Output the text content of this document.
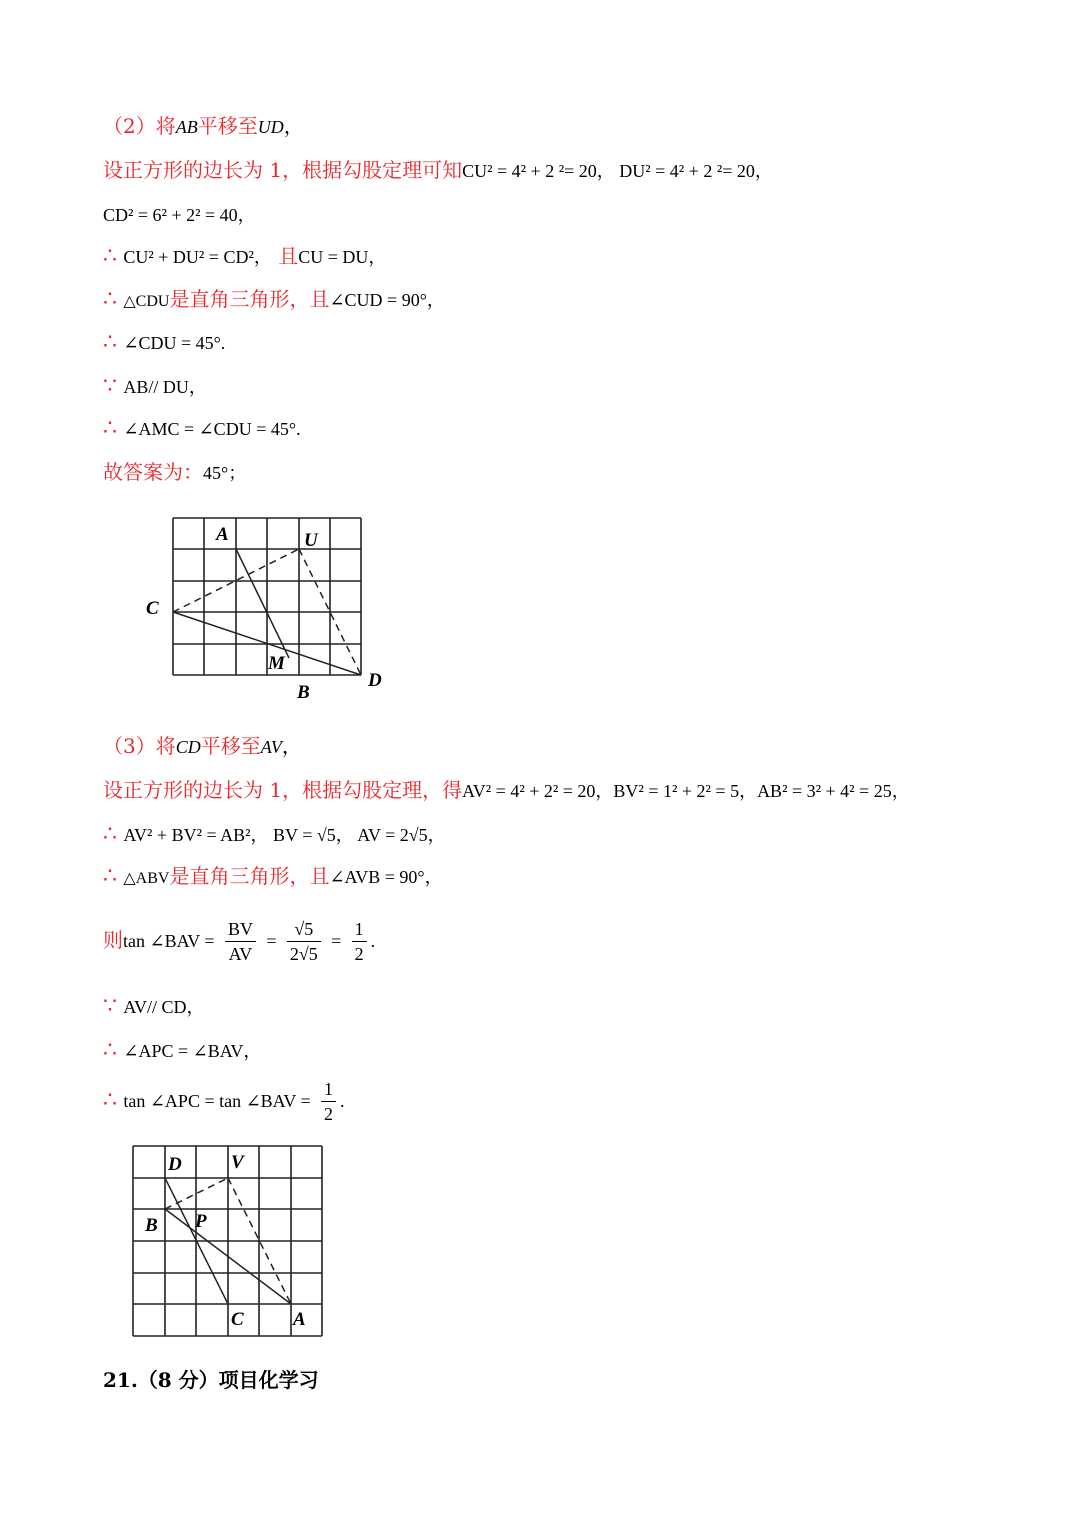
（2）将AB平移至UD，
设正方形的边长为 1，根据勾股定理可知CU² = 4² + 2 ²= 20， DU² = 4² + 2 ²= 20，
CD² = 6² + 2² = 40，
∴ CU² + DU² = CD²， 且CU = DU，
∴ △CDU是直角三角形，且∠CUD = 90°，
∴ ∠CDU = 45°.
∵ AB// DU，
∴ ∠AMC = ∠CDU = 45°.
故答案为：45°；
A	U
C
M
B
D
（3）将CD平移至AV，
设正方形的边长为 1，根据勾股定理，得AV² = 4² + 2² = 20，BV² = 1² + 2² = 5，AB² = 3² + 4² = 25，
∴ AV² + BV² = AB²， BV = √5， AV = 2√5，
∴ △ABV是直角三角形，且∠AVB = 90°，
则tan ∠BAV = $\frac{BV}{AV} = \frac{√5}{2√5} = \frac{1}{2}$ .
∵ AV// CD，
∴ ∠APC = ∠BAV，
∴ tan ∠APC = tan ∠BAV = $\frac{1}{2}$ .
D	V
B P
C	A
21.（8 分）项目化学习
